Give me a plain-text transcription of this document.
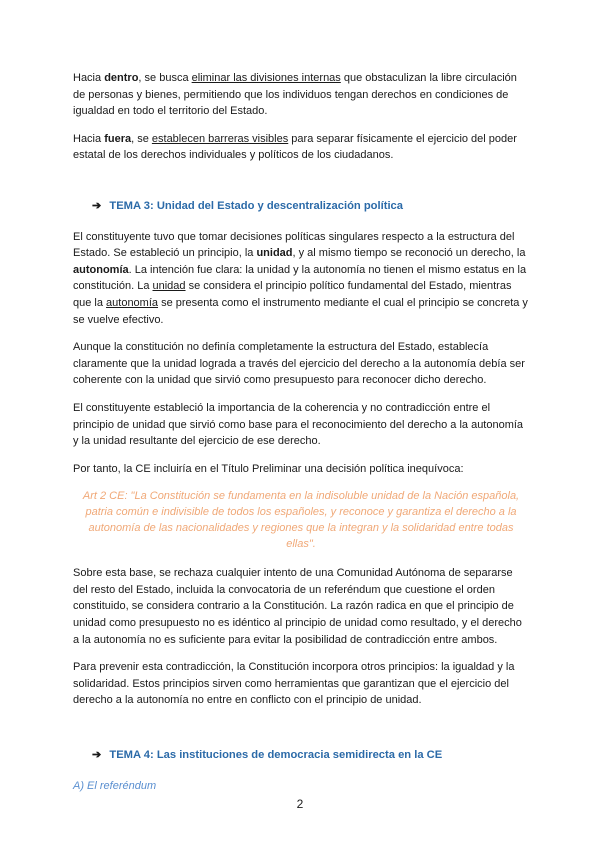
Hacia dentro, se busca eliminar las divisiones internas que obstaculizan la libre circulación de personas y bienes, permitiendo que los individuos tengan derechos en condiciones de igualdad en todo el territorio del Estado.

Hacia fuera, se establecen barreras visibles para separar físicamente el ejercicio del poder estatal de los derechos individuales y políticos de los ciudadanos.

➔ TEMA 3: Unidad del Estado y descentralización política

El constituyente tuvo que tomar decisiones políticas singulares respecto a la estructura del Estado. Se estableció un principio, la unidad, y al mismo tiempo se reconoció un derecho, la autonomía. La intención fue clara: la unidad y la autonomía no tienen el mismo estatus en la constitución. La unidad se considera el principio político fundamental del Estado, mientras que la autonomía se presenta como el instrumento mediante el cual el principio se concreta y se vuelve efectivo.

Aunque la constitución no definía completamente la estructura del Estado, establecía claramente que la unidad lograda a través del ejercicio del derecho a la autonomía debía ser coherente con la unidad que sirvió como presupuesto para reconocer dicho derecho.

El constituyente estableció la importancia de la coherencia y no contradicción entre el principio de unidad que sirvió como base para el reconocimiento del derecho a la autonomía y la unidad resultante del ejercicio de ese derecho.

Por tanto, la CE incluiría en el Título Preliminar una decisión política inequívoca:

Art 2 CE: "La Constitución se fundamenta en la indisoluble unidad de la Nación española, patria común e indivisible de todos los españoles, y reconoce y garantiza el derecho a la autonomía de las nacionalidades y regiones que la integran y la solidaridad entre todas ellas".

Sobre esta base, se rechaza cualquier intento de una Comunidad Autónoma de separarse del resto del Estado, incluida la convocatoria de un referéndum que cuestione el orden constituido, se considera contrario a la Constitución. La razón radica en que el principio de unidad como presupuesto no es idéntico al principio de unidad como resultado, y el derecho a la autonomía no es suficiente para evitar la posibilidad de contradicción entre ambos.

Para prevenir esta contradicción, la Constitución incorpora otros principios: la igualdad y la solidaridad. Estos principios sirven como herramientas que garantizan que el ejercicio del derecho a la autonomía no entre en conflicto con el principio de unidad.

➔ TEMA 4: Las instituciones de democracia semidirecta en la CE
A) El referéndum
2
